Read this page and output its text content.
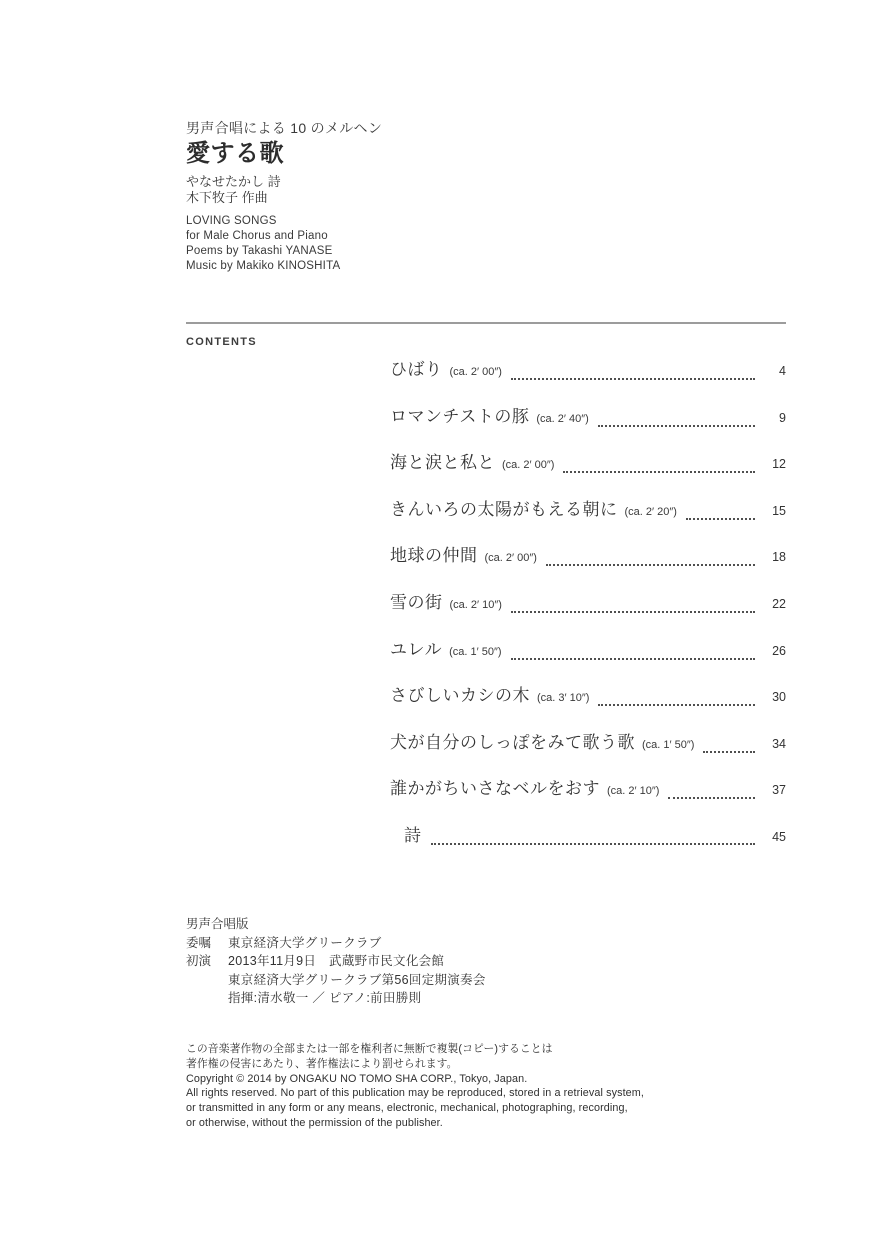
男声合唱による 10 のメルヘン
愛する歌
やなせたかし 詩
木下牧子 作曲
LOVING SONGS
for Male Chorus and Piano
Poems by Takashi YANASE
Music by Makiko KINOSHITA
CONTENTS
ひばり (ca. 2′ 00″)	4
ロマンチストの豚 (ca. 2′ 40″)	9
海と涙と私と (ca. 2′ 00″)	12
きんいろの太陽がもえる朝に (ca. 2′ 20″)	15
地球の仲間 (ca. 2′ 00″)	18
雪の街 (ca. 2′ 10″)	22
ユレル (ca. 1′ 50″)	26
さびしいカシの木 (ca. 3′ 10″)	30
犬が自分のしっぽをみて歌う歌 (ca. 1′ 50″)	34
誰かがちいさなベルをおす (ca. 2′ 10″)	37
詩	45
男声合唱版
委嘱	東京経済大学グリークラブ
初演	2013年11月9日　武蔵野市民文化会館
東京経済大学グリークラブ第56回定期演奏会
指揮:清水敬一 ／ ピアノ:前田勝則
この音楽著作物の全部または一部を権利者に無断で複製(コピー)することは
著作権の侵害にあたり、著作権法により罰せられます。
Copyright © 2014 by ONGAKU NO TOMO SHA CORP., Tokyo, Japan.
All rights reserved. No part of this publication may be reproduced, stored in a retrieval system,
or transmitted in any form or any means, electronic, mechanical, photographing, recording,
or otherwise, without the permission of the publisher.
